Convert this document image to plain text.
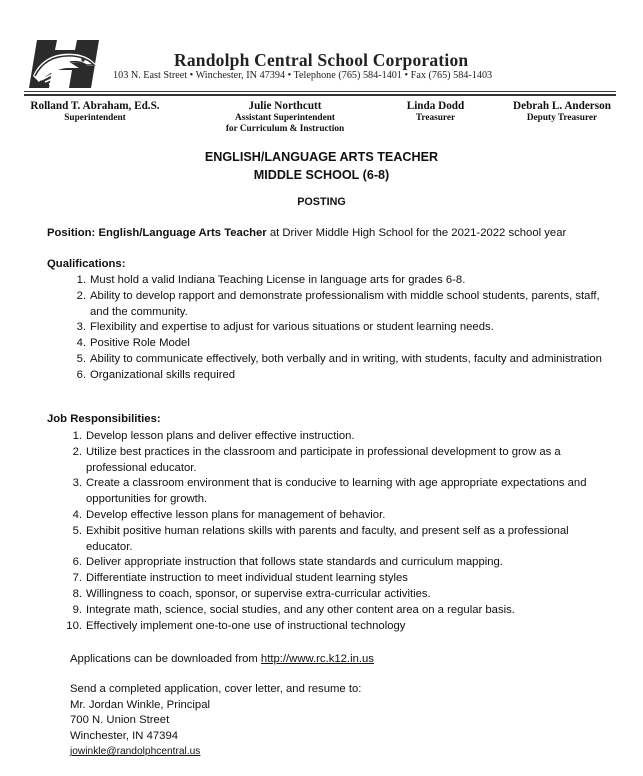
Randolph Central School Corporation
103 N. East Street • Winchester, IN 47394 • Telephone (765) 584-1401 • Fax (765) 584-1403
Rolland T. Abraham, Ed.S.
Superintendent
Julie Northcutt
Assistant Superintendent
for Curriculum & Instruction
Linda Dodd
Treasurer
Debrah L. Anderson
Deputy Treasurer
ENGLISH/LANGUAGE ARTS TEACHER
MIDDLE SCHOOL (6-8)
POSTING
Position: English/Language Arts Teacher at Driver Middle High School for the 2021-2022 school year
Qualifications:
1. Must hold a valid Indiana Teaching License in language arts for grades 6-8.
2. Ability to develop rapport and demonstrate professionalism with middle school students, parents, staff, and the community.
3. Flexibility and expertise to adjust for various situations or student learning needs.
4. Positive Role Model
5. Ability to communicate effectively, both verbally and in writing, with students, faculty and administration
6. Organizational skills required
Job Responsibilities:
1. Develop lesson plans and deliver effective instruction.
2. Utilize best practices in the classroom and participate in professional development to grow as a professional educator.
3. Create a classroom environment that is conducive to learning with age appropriate expectations and opportunities for growth.
4. Develop effective lesson plans for management of behavior.
5. Exhibit positive human relations skills with parents and faculty, and present self as a professional educator.
6. Deliver appropriate instruction that follows state standards and curriculum mapping.
7. Differentiate instruction to meet individual student learning styles
8. Willingness to coach, sponsor, or supervise extra-curricular activities.
9. Integrate math, science, social studies, and any other content area on a regular basis.
10. Effectively implement one-to-one use of instructional technology
Applications can be downloaded from http://www.rc.k12.in.us
Send a completed application, cover letter, and resume to:
Mr. Jordan Winkle, Principal
700 N. Union Street
Winchester, IN 47394
jowinkle@randolphcentral.us
